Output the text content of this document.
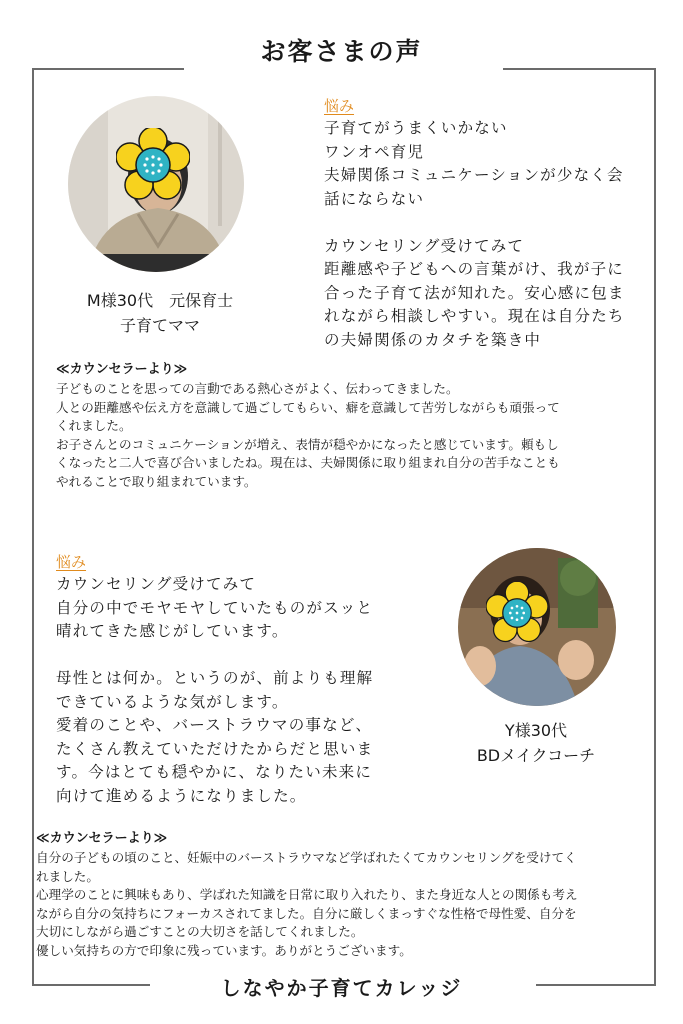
お客さまの声
M様30代　元保育士
子育てママ
悩み
子育てがうまくいかない
ワンオペ育児
夫婦関係コミュニケーションが少なく会
話にならない
カウンセリング受けてみて
距離感や子どもへの言葉がけ、我が子に
合った子育て法が知れた。安心感に包ま
れながら相談しやすい。現在は自分たち
の夫婦関係のカタチを築き中
≪カウンセラーより≫
子どものことを思っての言動である熱心さがよく、伝わってきました。
人との距離感や伝え方を意識して過ごしてもらい、癖を意識して苦労しながらも頑張って
くれました。
お子さんとのコミュニケーションが増え、表情が穏やかになったと感じています。頼もし
くなったと二人で喜び合いましたね。現在は、夫婦関係に取り組まれ自分の苦手なことも
やれることで取り組まれています。
悩み
カウンセリング受けてみて
自分の中でモヤモヤしていたものがスッと
晴れてきた感じがしています。
母性とは何か。というのが、前よりも理解
できているような気がします。
愛着のことや、バーストラウマの事など、
たくさん教えていただけたからだと思いま
す。今はとても穏やかに、なりたい未来に
向けて進めるようになりました。
Y様30代
BDメイクコーチ
≪カウンセラーより≫
自分の子どもの頃のこと、妊娠中のバーストラウマなど学ばれたくてカウンセリングを受けてく
れました。
心理学のことに興味もあり、学ばれた知識を日常に取り入れたり、また身近な人との関係も考え
ながら自分の気持ちにフォーカスされてました。自分に厳しくまっすぐな性格で母性愛、自分を
大切にしながら過ごすことの大切さを話してくれました。
優しい気持ちの方で印象に残っています。ありがとうございます。
しなやか子育てカレッジ
